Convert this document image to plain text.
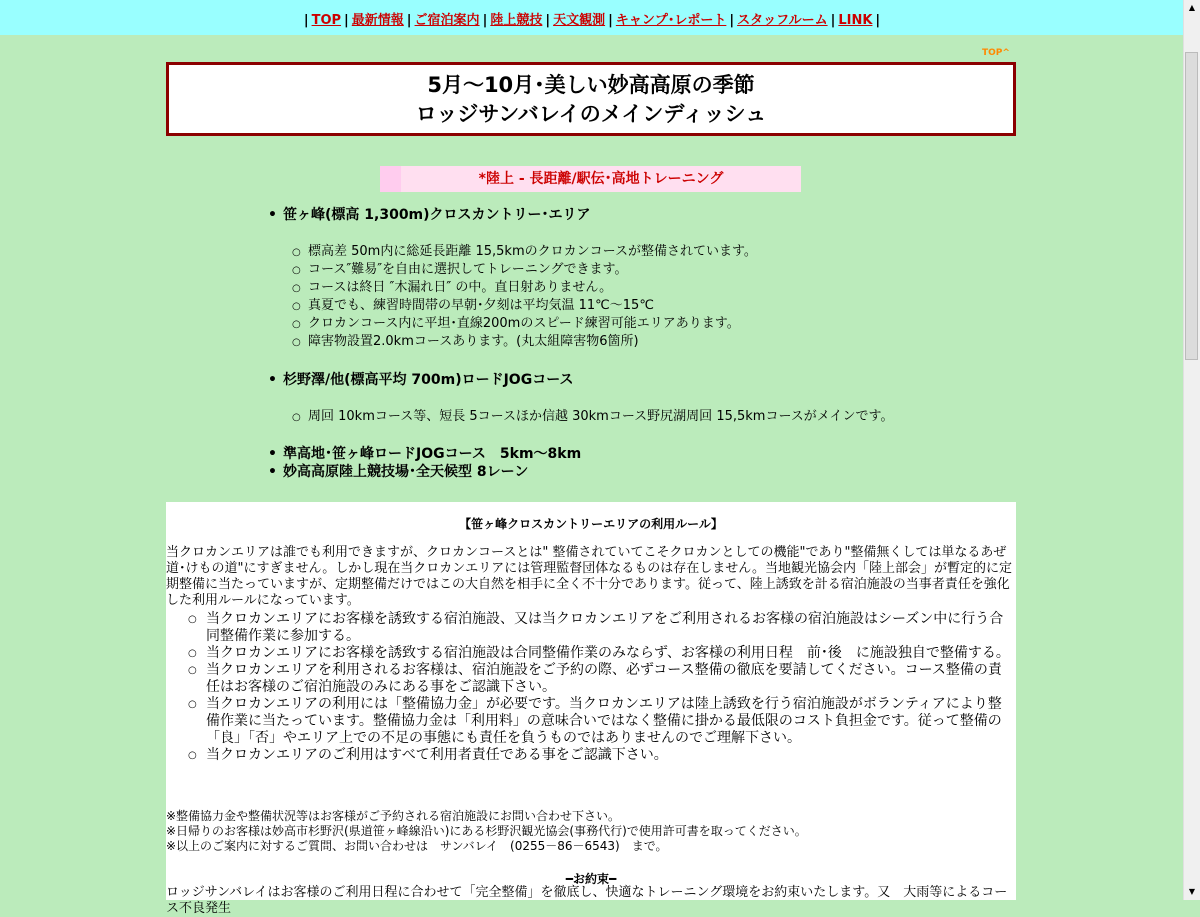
| TOP | 最新情報 | ご宿泊案内 | 陸上競技 | 天文観測 | キャンプ･レポート | スタッフルーム | LINK |
▲
▼
TOP^
5月～10月･美しい妙高高原の季節
ロッジサンバレイのメインディッシュ
*陸上 - 長距離/駅伝･高地トレーニング
• 笹ヶ峰(標高 1,300m)クロスカントリー･エリア
○ 標高差 50m内に総延長距離 15,5kmのクロカンコースが整備されています。
○ コース″難易″を自由に選択してトレーニングできます。
○ コースは終日 ″木漏れ日″ の中。直日射ありません。
○ 真夏でも、練習時間帯の早朝･夕刻は平均気温 11℃～15℃
○ クロカンコース内に平坦･直線200mのスピード練習可能エリアあります。
○ 障害物設置2.0kmコースあります。(丸太組障害物6箇所)
• 杉野澤/他(標高平均 700m)ロードJOGコース
○ 周回 10kmコース等、短長 5コースほか信越 30kmコース野尻湖周回 15,5kmコースがメインです。
• 準高地･笹ヶ峰ロードJOGコース　5km～8km
• 妙高高原陸上競技場･全天候型 8レーン
【笹ヶ峰クロスカントリーエリアの利用ルール】
当クロカンエリアは誰でも利用できますが、クロカンコースとは" 整備されていてこそクロカンとしての機能"であり"整備無くしては単なるあぜ道･けもの道"にすぎません。しかし現在当クロカンエリアには管理監督団体なるものは存在しません。当地観光協会内「陸上部会」が暫定的に定期整備に当たっていますが、定期整備だけではこの大自然を相手に全く不十分であります。従って、陸上誘致を計る宿泊施設の当事者責任を強化した利用ルールになっています。
○ 当クロカンエリアにお客様を誘致する宿泊施設、又は当クロカンエリアをご利用されるお客様の宿泊施設はシーズン中に行う合同整備作業に参加する。
○ 当クロカンエリアにお客様を誘致する宿泊施設は合同整備作業のみならず、お客様の利用日程　前･後　に施設独自で整備する。
○ 当クロカンエリアを利用されるお客様は、宿泊施設をご予約の際、必ずコース整備の徹底を要請してください。コース整備の責任はお客様のご宿泊施設のみにある事をご認識下さい。
○ 当クロカンエリアの利用には「整備協力金」が必要です。当クロカンエリアは陸上誘致を行う宿泊施設がボランティアにより整備作業に当たっています。整備協力金は「利用料」の意味合いではなく整備に掛かる最低限のコスト負担金です。従って整備の「良」「否」やエリア上での不足の事態にも責任を負うものではありませんのでご理解下さい。
○ 当クロカンエリアのご利用はすべて利用者責任である事をご認識下さい。
※整備協力金や整備状況等はお客様がご予約される宿泊施設にお問い合わせ下さい。
※日帰りのお客様は妙高市杉野沢(県道笹ヶ峰線沿い)にある杉野沢観光協会(事務代行)で使用許可書を取ってください。
※以上のご案内に対するご質問、お問い合わせは　サンバレイ　(0255－86－6543)　まで。
━お約束━
ロッジサンバレイはお客様のご利用日程に合わせて「完全整備」を徹底し、快適なトレーニング環境をお約束いたします。又　大雨等によるコース不良発生
